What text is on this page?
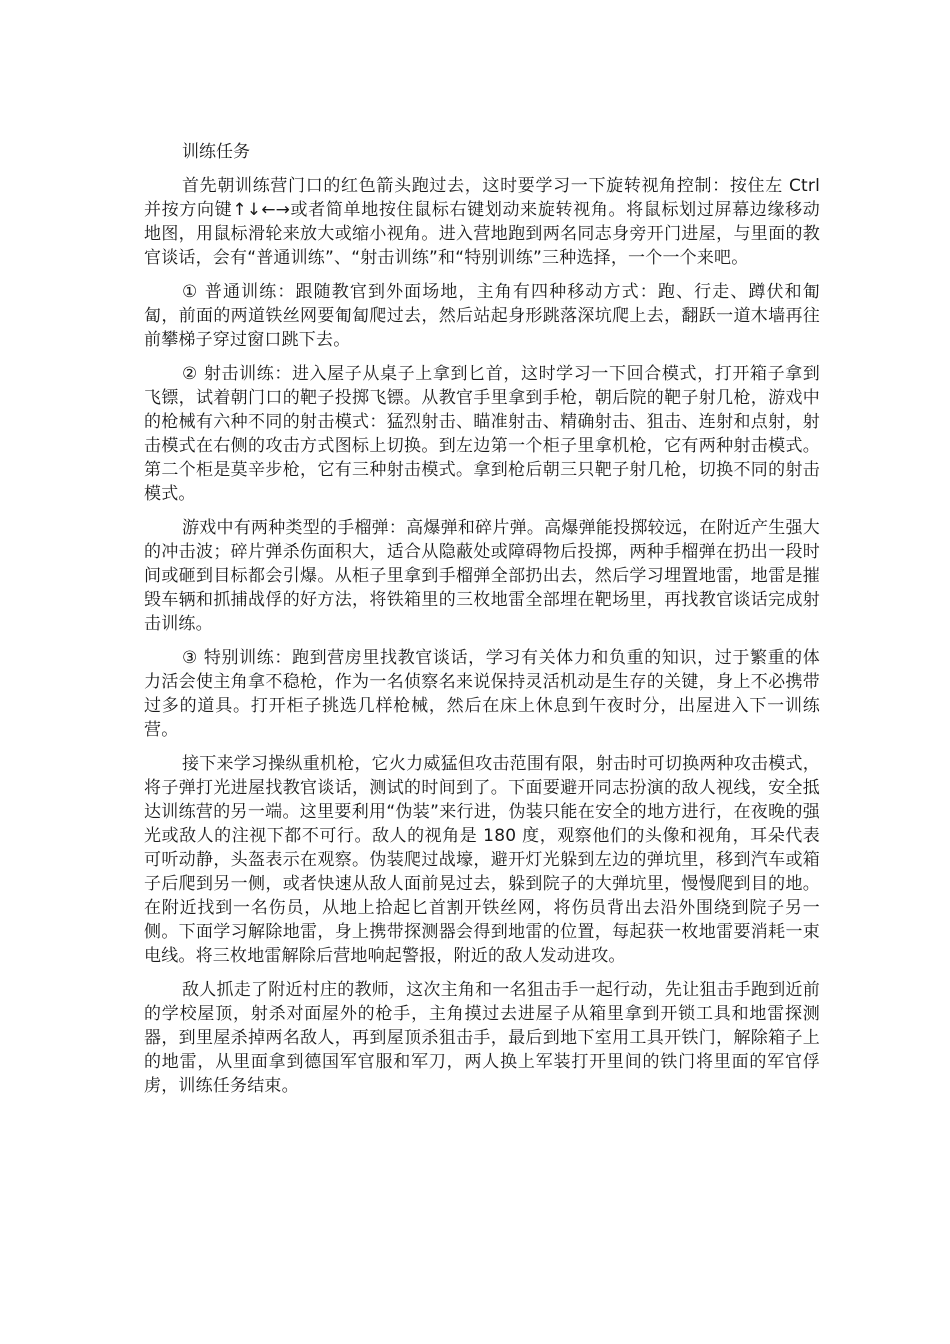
训练任务

首先朝训练营门口的红色箭头跑过去，这时要学习一下旋转视角控制：按住左 Ctrl 并按方向键↑↓←→或者简单地按住鼠标右键划动来旋转视角。将鼠标划过屏幕边缘移动地图，用鼠标滑轮来放大或缩小视角。进入营地跑到两名同志身旁开门进屋，与里面的教官谈话，会有“普通训练”、“射击训练”和“特别训练”三种选择，一个一个来吧。

① 普通训练：跟随教官到外面场地，主角有四种移动方式：跑、行走、蹲伏和匍匐，前面的两道铁丝网要匍匐爬过去，然后站起身形跳落深坑爬上去，翻跃一道木墙再往前攀梯子穿过窗口跳下去。

② 射击训练：进入屋子从桌子上拿到匕首，这时学习一下回合模式，打开箱子拿到飞镖，试着朝门口的靶子投掷飞镖。从教官手里拿到手枪，朝后院的靶子射几枪，游戏中的枪械有六种不同的射击模式：猛烈射击、瞄准射击、精确射击、狙击、连射和点射，射击模式在右侧的攻击方式图标上切换。到左边第一个柜子里拿机枪，它有两种射击模式。第二个柜是莫辛步枪，它有三种射击模式。拿到枪后朝三只靶子射几枪，切换不同的射击模式。

游戏中有两种类型的手榴弹：高爆弹和碎片弹。高爆弹能投掷较远，在附近产生强大的冲击波；碎片弹杀伤面积大，适合从隐蔽处或障碍物后投掷，两种手榴弹在扔出一段时间或砸到目标都会引爆。从柜子里拿到手榴弹全部扔出去，然后学习埋置地雷，地雷是摧毁车辆和抓捕战俘的好方法，将铁箱里的三枚地雷全部埋在靶场里，再找教官谈话完成射击训练。

③ 特别训练：跑到营房里找教官谈话，学习有关体力和负重的知识，过于繁重的体力活会使主角拿不稳枪，作为一名侦察名来说保持灵活机动是生存的关键，身上不必携带过多的道具。打开柜子挑选几样枪械，然后在床上休息到午夜时分，出屋进入下一训练营。

接下来学习操纵重机枪，它火力威猛但攻击范围有限，射击时可切换两种攻击模式，将子弹打光进屋找教官谈话，测试的时间到了。下面要避开同志扮演的敌人视线，安全抵达训练营的另一端。这里要利用“伪装”来行进，伪装只能在安全的地方进行，在夜晚的强光或敌人的注视下都不可行。敌人的视角是 180 度，观察他们的头像和视角，耳朵代表可听动静，头盔表示在观察。伪装爬过战壕，避开灯光躲到左边的弹坑里，移到汽车或箱子后爬到另一侧，或者快速从敌人面前晃过去，躲到院子的大弹坑里，慢慢爬到目的地。在附近找到一名伤员，从地上拾起匕首割开铁丝网，将伤员背出去沿外围绕到院子另一侧。下面学习解除地雷，身上携带探测器会得到地雷的位置，每起获一枚地雷要消耗一束电线。将三枚地雷解除后营地响起警报，附近的敌人发动进攻。

敌人抓走了附近村庄的教师，这次主角和一名狙击手一起行动，先让狙击手跑到近前的学校屋顶，射杀对面屋外的枪手，主角摸过去进屋子从箱里拿到开锁工具和地雷探测器，到里屋杀掉两名敌人，再到屋顶杀狙击手，最后到地下室用工具开铁门，解除箱子上的地雷，从里面拿到德国军官服和军刀，两人换上军装打开里间的铁门将里面的军官俘虏，训练任务结束。
